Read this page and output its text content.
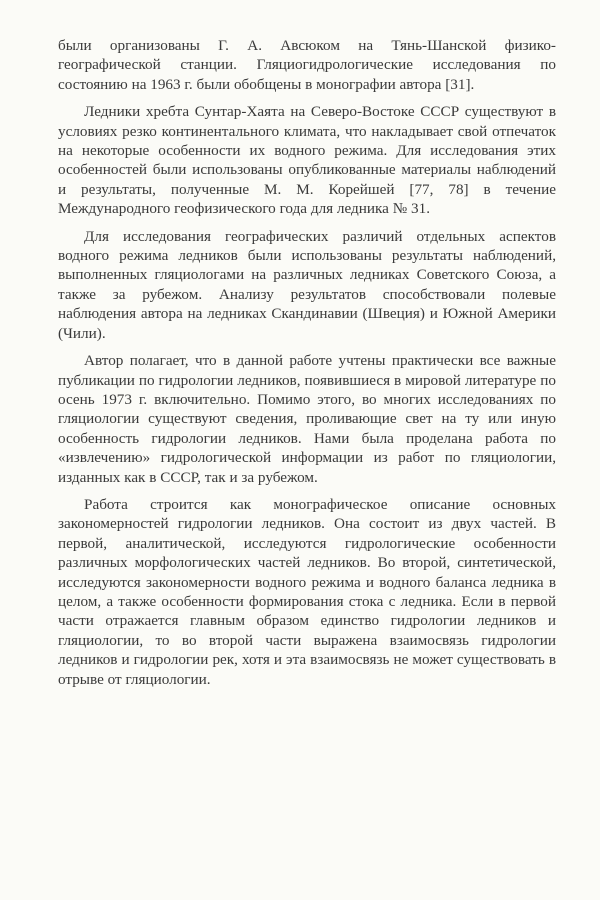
были организованы Г. А. Авсюком на Тянь-Шанской физико-географической станции. Гляциогидрологические исследования по состоянию на 1963 г. были обобщены в монографии автора [31].

Ледники хребта Сунтар-Хаята на Северо-Востоке СССР существуют в условиях резко континентального климата, что накладывает свой отпечаток на некоторые особенности их водного режима. Для исследования этих особенностей были использованы опубликованные материалы наблюдений и результаты, полученные М. М. Корейшей [77, 78] в течение Международного геофизического года для ледника № 31.

Для исследования географических различий отдельных аспектов водного режима ледников были использованы результаты наблюдений, выполненных гляциологами на различных ледниках Советского Союза, а также за рубежом. Анализу результатов способствовали полевые наблюдения автора на ледниках Скандинавии (Швеция) и Южной Америки (Чили).

Автор полагает, что в данной работе учтены практически все важные публикации по гидрологии ледников, появившиеся в мировой литературе по осень 1973 г. включительно. Помимо этого, во многих исследованиях по гляциологии существуют сведения, проливающие свет на ту или иную особенность гидрологии ледников. Нами была проделана работа по «извлечению» гидрологической информации из работ по гляциологии, изданных как в СССР, так и за рубежом.

Работа строится как монографическое описание основных закономерностей гидрологии ледников. Она состоит из двух частей. В первой, аналитической, исследуются гидрологические особенности различных морфологических частей ледников. Во второй, синтетической, исследуются закономерности водного режима и водного баланса ледника в целом, а также особенности формирования стока с ледника. Если в первой части отражается главным образом единство гидрологии ледников и гляциологии, то во второй части выражена взаимосвязь гидрологии ледников и гидрологии рек, хотя и эта взаимосвязь не может существовать в отрыве от гляциологии.
